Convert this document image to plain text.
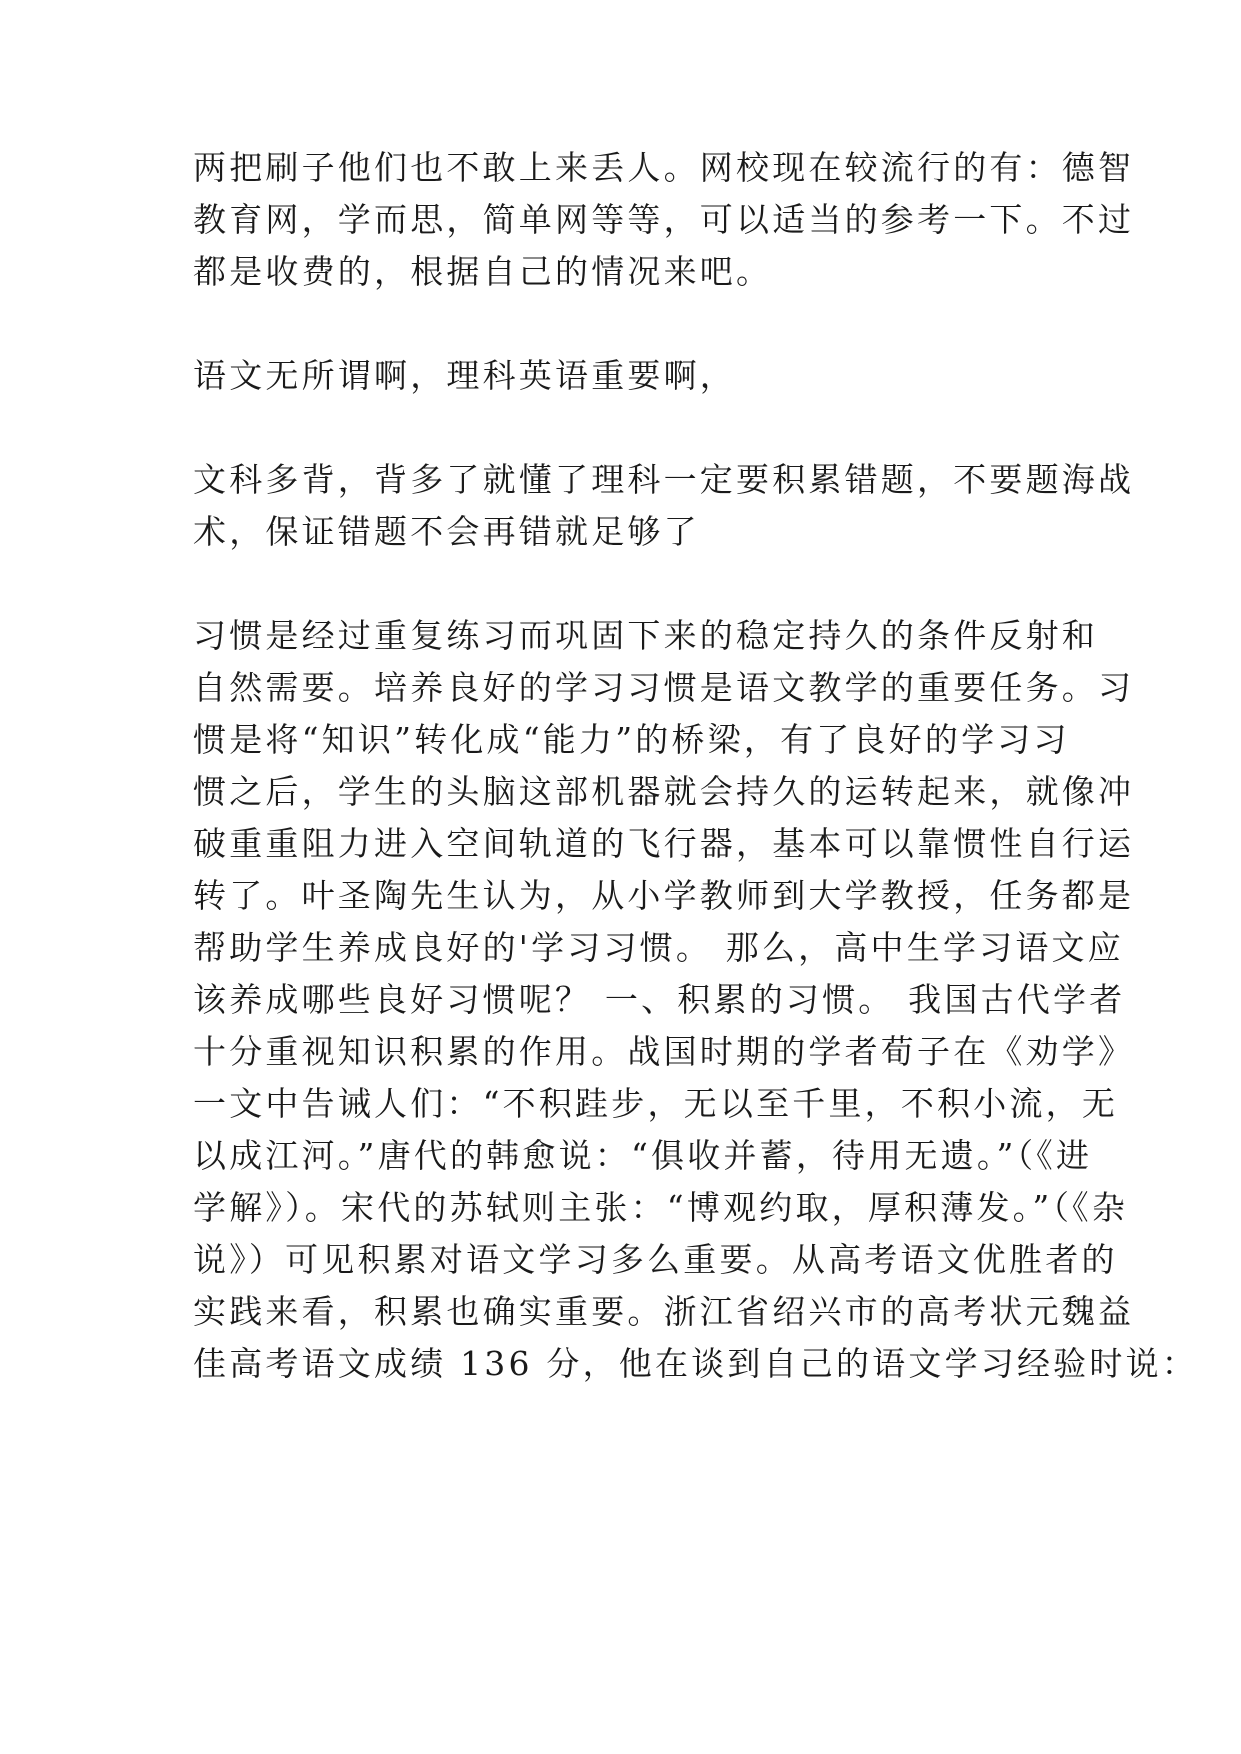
两把刷子他们也不敢上来丢人。网校现在较流行的有：德智
教育网，学而思，简单网等等，可以适当的参考一下。不过
都是收费的，根据自己的情况来吧。
语文无所谓啊，理科英语重要啊，
文科多背，背多了就懂了理科一定要积累错题，不要题海战
术，保证错题不会再错就足够了
习惯是经过重复练习而巩固下来的稳定持久的条件反射和
自然需要。培养良好的学习习惯是语文教学的重要任务。习
惯是将“知识”转化成“能力”的桥梁，有了良好的学习习
惯之后，学生的头脑这部机器就会持久的运转起来，就像冲
破重重阻力进入空间轨道的飞行器，基本可以靠惯性自行运
转了。叶圣陶先生认为，从小学教师到大学教授，任务都是
帮助学生养成良好的'学习习惯。 那么，高中生学习语文应
该养成哪些良好习惯呢？ 一、积累的习惯。 我国古代学者
十分重视知识积累的作用。战国时期的学者荀子在《劝学》
一文中告诫人们：“不积跬步，无以至千里，不积小流，无
以成江河。”唐代的韩愈说：“俱收并蓄，待用无遗。”（《进
学解》）。宋代的苏轼则主张：“博观约取，厚积薄发。”（《杂
说》）可见积累对语文学习多么重要。从高考语文优胜者的
实践来看，积累也确实重要。浙江省绍兴市的高考状元魏益
佳高考语文成绩 136 分，他在谈到自己的语文学习经验时说：
